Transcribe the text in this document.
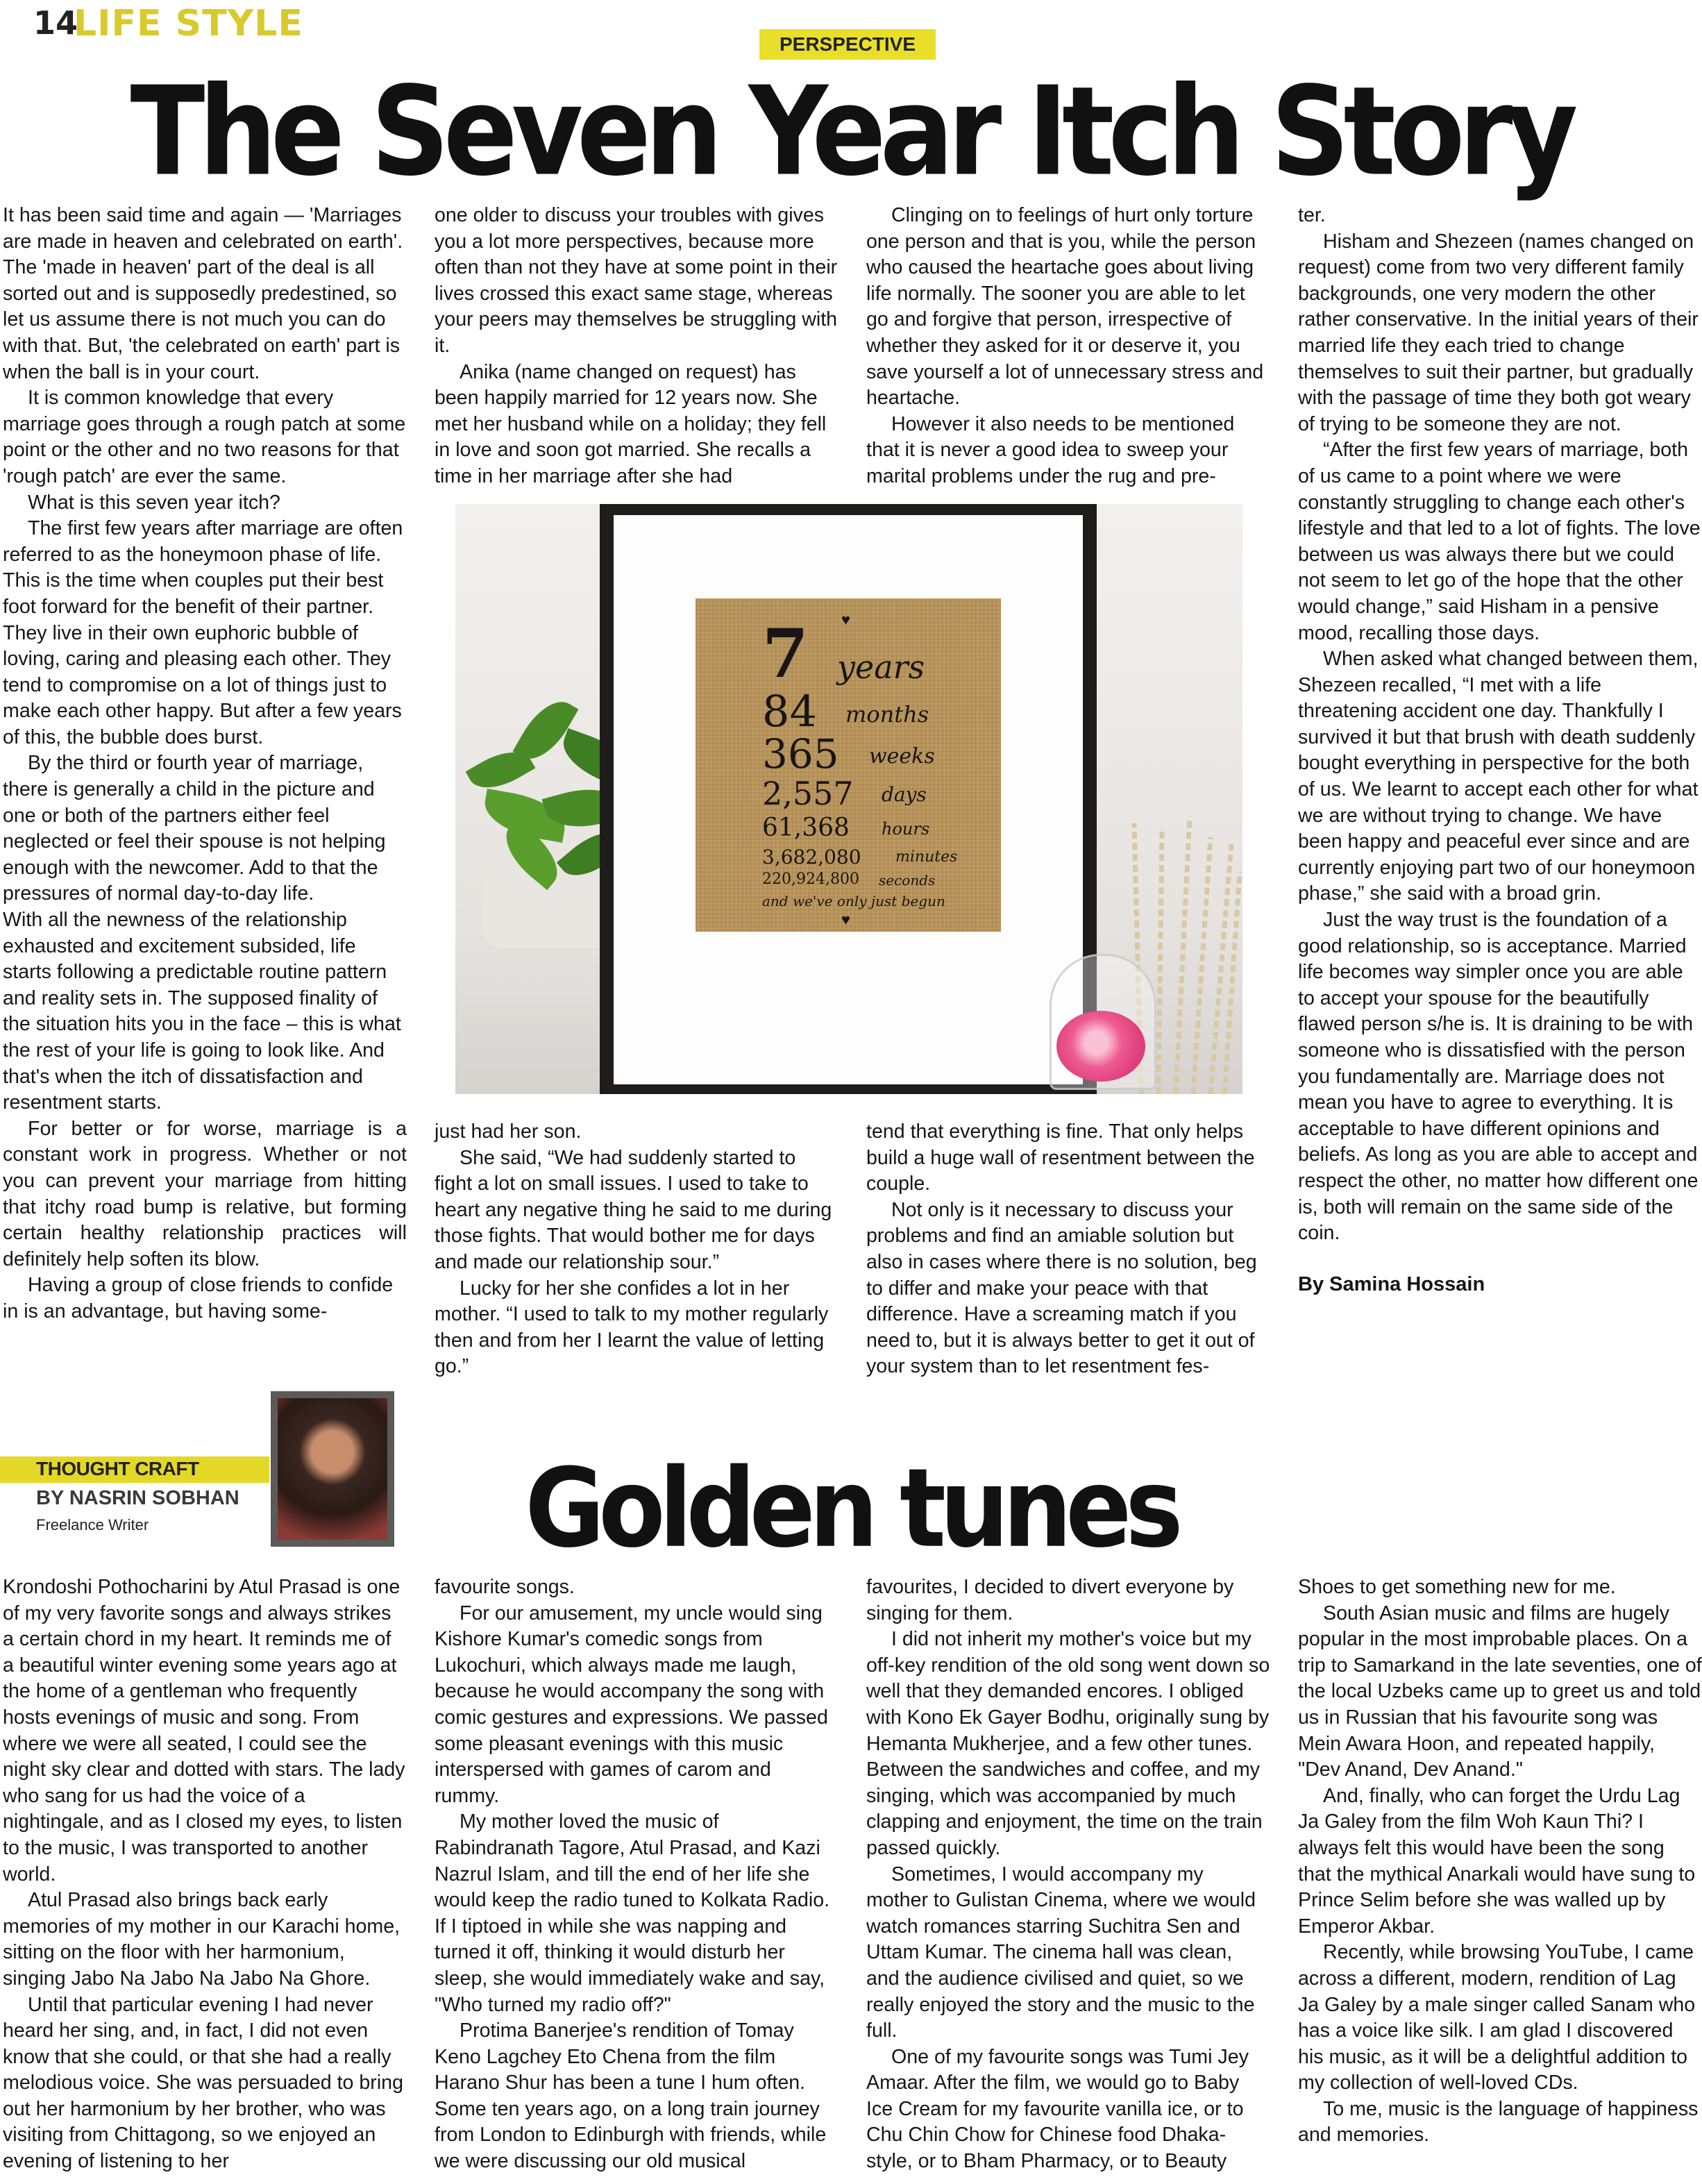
14
LIFE STYLE	PERSPECTIVE
The Seven Year Itch Story

It has been said time and again — 'Marriages are made in heaven and celebrated on earth'. The 'made in heaven' part of the deal is all sorted out and is supposedly predestined, so let us assume there is not much you can do with that. But, 'the celebrated on earth' part is when the ball is in your court.

It is common knowledge that every marriage goes through a rough patch at some point or the other and no two reasons for that 'rough patch' are ever the same.

What is this seven year itch?

The first few years after marriage are often referred to as the honeymoon phase of life. This is the time when couples put their best foot forward for the benefit of their partner. They live in their own euphoric bubble of loving, caring and pleasing each other. They tend to compromise on a lot of things just to make each other happy. But after a few years of this, the bubble does burst.

By the third or fourth year of marriage, there is generally a child in the picture and one or both of the partners either feel neglected or feel their spouse is not helping enough with the newcomer. Add to that the pressures of normal day-to-day life.

With all the newness of the relationship exhausted and excitement subsided, life starts following a predictable routine pattern and reality sets in. The supposed finality of the situation hits you in the face – this is what the rest of your life is going to look like. And that's when the itch of dissatisfaction and resentment starts.

For better or for worse, marriage is a constant work in progress. Whether or not you can prevent your marriage from hitting that itchy road bump is relative, but forming certain healthy relationship practices will definitely help soften its blow.

Having a group of close friends to confide in is an advantage, but having some-

one older to discuss your troubles with gives you a lot more perspectives, because more often than not they have at some point in their lives crossed this exact same stage, whereas your peers may themselves be struggling with it.

Anika (name changed on request) has been happily married for 12 years now. She met her husband while on a holiday; they fell in love and soon got married. She recalls a time in her marriage after she had

Clinging on to feelings of hurt only torture one person and that is you, while the person who caused the heartache goes about living life normally. The sooner you are able to let go and forgive that person, irrespective of whether they asked for it or deserve it, you save yourself a lot of unnecessary stress and heartache.

However it also needs to be mentioned that it is never a good idea to sweep your marital problems under the rug and pre-

just had her son.

She said, “We had suddenly started to fight a lot on small issues. I used to take to heart any negative thing he said to me during those fights. That would bother me for days and made our relationship sour.”

Lucky for her she confides a lot in her mother. “I used to talk to my mother regularly then and from her I learnt the value of letting go.”

tend that everything is fine. That only helps build a huge wall of resentment between the couple.

Not only is it necessary to discuss your problems and find an amiable solution but also in cases where there is no solution, beg to differ and make your peace with that difference. Have a screaming match if you need to, but it is always better to get it out of your system than to let resentment fes-

ter.

Hisham and Shezeen (names changed on request) come from two very different family backgrounds, one very modern the other rather conservative. In the initial years of their married life they each tried to change themselves to suit their partner, but gradually with the passage of time they both got weary of trying to be someone they are not.

“After the first few years of marriage, both of us came to a point where we were constantly struggling to change each other's lifestyle and that led to a lot of fights. The love between us was always there but we could not seem to let go of the hope that the other would change,” said Hisham in a pensive mood, recalling those days.

When asked what changed between them, Shezeen recalled, “I met with a life threatening accident one day. Thankfully I survived it but that brush with death suddenly bought everything in perspective for the both of us. We learnt to accept each other for what we are without trying to change. We have been happy and peaceful ever since and are currently enjoying part two of our honeymoon phase,” she said with a broad grin.

Just the way trust is the foundation of a good relationship, so is acceptance. Married life becomes way simpler once you are able to accept your spouse for the beautifully flawed person s/he is. It is draining to be with someone who is dissatisfied with the person you fundamentally are. Marriage does not mean you have to agree to everything. It is acceptable to have different opinions and beliefs. As long as you are able to accept and respect the other, no matter how different one is, both will remain on the same side of the coin.

By Samina Hossain

♥
7 years
84 months
365 weeks
2,557 days
61,368 hours
3,682,080 minutes
220,924,800 seconds
and we've only just begun
♥
THOUGHT CRAFT
BY NASRIN SOBHAN
Freelance Writer	Golden tunes

Krondoshi Pothocharini by Atul Prasad is one of my very favorite songs and always strikes a certain chord in my heart. It reminds me of a beautiful winter evening some years ago at the home of a gentleman who frequently hosts evenings of music and song. From where we were all seated, I could see the night sky clear and dotted with stars. The lady who sang for us had the voice of a nightingale, and as I closed my eyes, to listen to the music, I was transported to another world.

Atul Prasad also brings back early memories of my mother in our Karachi home, sitting on the floor with her harmonium, singing Jabo Na Jabo Na Jabo Na Ghore.

Until that particular evening I had never heard her sing, and, in fact, I did not even know that she could, or that she had a really melodious voice. She was persuaded to bring out her harmonium by her brother, who was visiting from Chittagong, so we enjoyed an evening of listening to her

favourite songs.

For our amusement, my uncle would sing Kishore Kumar's comedic songs from Lukochuri, which always made me laugh, because he would accompany the song with comic gestures and expressions. We passed some pleasant evenings with this music interspersed with games of carom and rummy.

My mother loved the music of Rabindranath Tagore, Atul Prasad, and Kazi Nazrul Islam, and till the end of her life she would keep the radio tuned to Kolkata Radio. If I tiptoed in while she was napping and turned it off, thinking it would disturb her sleep, she would immediately wake and say, "Who turned my radio off?"

Protima Banerjee's rendition of Tomay Keno Lagchey Eto Chena from the film Harano Shur has been a tune I hum often. Some ten years ago, on a long train journey from London to Edinburgh with friends, while we were discussing our old musical

favourites, I decided to divert everyone by singing for them.

I did not inherit my mother's voice but my off-key rendition of the old song went down so well that they demanded encores. I obliged with Kono Ek Gayer Bodhu, originally sung by Hemanta Mukherjee, and a few other tunes. Between the sandwiches and coffee, and my singing, which was accompanied by much clapping and enjoyment, the time on the train passed quickly.

Sometimes, I would accompany my mother to Gulistan Cinema, where we would watch romances starring Suchitra Sen and Uttam Kumar. The cinema hall was clean, and the audience civilised and quiet, so we really enjoyed the story and the music to the full.

One of my favourite songs was Tumi Jey Amaar. After the film, we would go to Baby Ice Cream for my favourite vanilla ice, or to Chu Chin Chow for Chinese food Dhaka-style, or to Bham Pharmacy, or to Beauty

Shoes to get something new for me.

South Asian music and films are hugely popular in the most improbable places. On a trip to Samarkand in the late seventies, one of the local Uzbeks came up to greet us and told us in Russian that his favourite song was Mein Awara Hoon, and repeated happily, "Dev Anand, Dev Anand."

And, finally, who can forget the Urdu Lag Ja Galey from the film Woh Kaun Thi? I always felt this would have been the song that the mythical Anarkali would have sung to Prince Selim before she was walled up by Emperor Akbar.

Recently, while browsing YouTube, I came across a different, modern, rendition of Lag Ja Galey by a male singer called Sanam who has a voice like silk. I am glad I discovered his music, as it will be a delightful addition to my collection of well-loved CDs.

To me, music is the language of happiness and memories.
